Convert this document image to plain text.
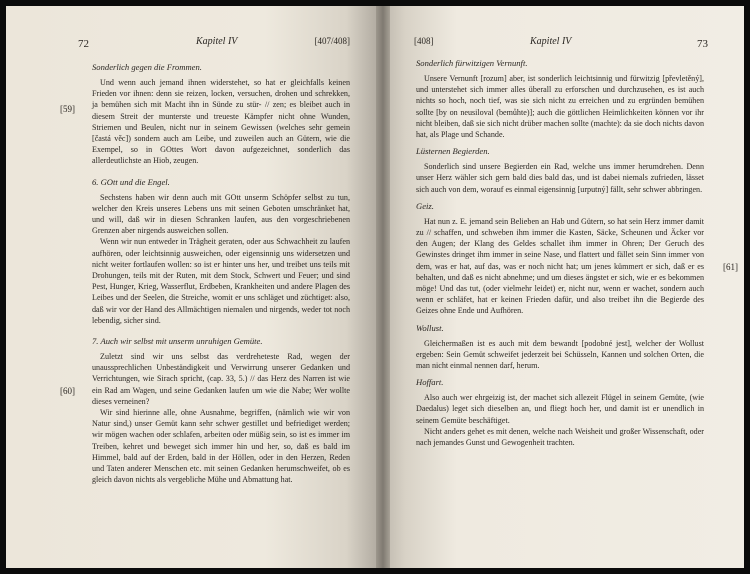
72	Kapitel IV	[407/408]
[59]
[60]
Sonderlich gegen die Frommen.

Und wenn auch jemand ihnen widerstehet, so hat er gleichfalls keinen Frieden vor ihnen: denn sie reizen, locken, versuchen, drohen und schrekken, ja bemühen sich mit Macht ihn in Sünde zu stür- // zen; es bleibet auch in diesem Streit der munterste und treueste Kämpfer nicht ohne Wunden, Striemen und Beulen, nicht nur in seinem Gewissen (welches sehr gemein [častá věc]) sondern auch am Leibe, und zuweilen auch an Gütern, wie die Exempel, so in GOttes Wort davon aufgezeichnet, sonderlich das allerdeutlichste an Hiob, zeugen.

6. GOtt und die Engel.

Sechstens haben wir denn auch mit GOtt unserm Schöpfer selbst zu tun, welcher den Kreis unseres Lebens uns mit seinen Geboten umschränket hat, und will, daß wir in diesen Schranken laufen, aus den vorgeschriebenen Grenzen aber nirgends ausweichen sollen.

Wenn wir nun entweder in Trägheit geraten, oder aus Schwachheit zu laufen aufhören, oder leichtsinnig ausweichen, oder eigensinnig uns widersetzen und nicht weiter fortlaufen wollen: so ist er hinter uns her, und treibet uns teils mit Drohungen, teils mit der Ruten, mit dem Stock, Schwert und Feuer; und sind Pest, Hunger, Krieg, Wasserflut, Erdbeben, Krankheiten und andere Plagen des Leibes und der Seelen, die Streiche, womit er uns schläget und züchtiget: also, daß wir vor der Hand des Allmächtigen niemalen und nirgends, weder tot noch lebendig, sicher sind.

7. Auch wir selbst mit unserm unruhigen Gemüte.

Zuletzt sind wir uns selbst das verdreheteste Rad, wegen der unaussprechlichen Unbeständigkeit und Verwirrung unserer Gedanken und Verrichtungen, wie Sirach spricht, (cap. 33, 5.) // das Herz des Narren ist wie ein Rad am Wagen, und seine Gedanken laufen um wie die Nabe; Wer wollte dieses verneinen?

Wir sind hierinne alle, ohne Ausnahme, begriffen, (nämlich wie wir von Natur sind,) unser Gemüt kann sehr schwer gestillet und befriediget werden; wir mögen wachen oder schlafen, arbeiten oder müßig sein, so ist es immer im Treiben, kehret und beweget sich immer hin und her, so, daß es bald im Himmel, bald auf der Erden, bald in der Höllen, oder in den Herzen, Reden und Taten anderer Menschen etc. mit seinen Gedanken herumschweifet, ob es gleich davon nichts als vergebliche Mühe und Abmattung hat.

[408]	Kapitel IV	73
[61]
Sonderlich fürwitzigen Vernunft.

Unsere Vernunft [rozum] aber, ist sonderlich leichtsinnig und fürwitzig [převletěný], und unterstehet sich immer alles überall zu erforschen und durchzusehen, es ist auch nichts so hoch, noch tief, was sie sich nicht zu erreichen und zu ergründen bemühen sollte [by on neusiloval (bemůhte)]; auch die göttlichen Heimlichkeiten können vor ihr nicht bleiben, daß sie sich nicht drüber machen sollte (machte): da sie doch nichts davon hat, als Plage und Schande.

Lüsternen Begierden.

Sonderlich sind unsere Begierden ein Rad, welche uns immer herumdrehen. Denn unser Herz wähler sich gern bald dies bald das, und ist dabei niemals zufrieden, lässet sich auch von dem, worauf es einmal eigensinnig [urputný] fällt, sehr schwer abbringen.

Geiz.

Hat nun z. E. jemand sein Belieben an Hab und Gütern, so hat sein Herz immer damit zu // schaffen, und schweben ihm immer die Kasten, Säcke, Scheunen und Äcker vor den Augen; der Klang des Geldes schallet ihm immer in Ohren; Der Geruch des Gewinstes dringet ihm immer in seine Nase, und flattert und fället sein Sinn immer von dem, was er hat, auf das, was er noch nicht hat; um jenes kümmert er sich, daß er es behalten, und daß es nicht abnehme; und um dieses ängstet er sich, wie er es bekommen möge! Und das tut, (oder vielmehr leidet) er, nicht nur, wenn er wachet, sondern auch wenn er schläfet, hat er keinen Frieden dafür, und also treibet ihn die Begierde des Geizes ohne Ende und Aufhören.

Wollust.

Gleichermaßen ist es auch mit dem bewandt [podobné jest], welcher der Wollust ergeben: Sein Gemüt schweifet jederzeit bei Schüsseln, Kannen und solchen Orten, die man nicht einmal nennen darf, herum.

Hoffart.

Also auch wer ehrgeizig ist, der machet sich allezeit Flügel in seinem Gemüte, (wie Daedalus) leget sich dieselben an, und fliegt hoch her, und damit ist er unendlich in seinem Gemüte beschäftiget.

Nicht anders gehet es mit denen, welche nach Weisheit und großer Wissenschaft, oder nach jemandes Gunst und Gewogenheit trachten.
